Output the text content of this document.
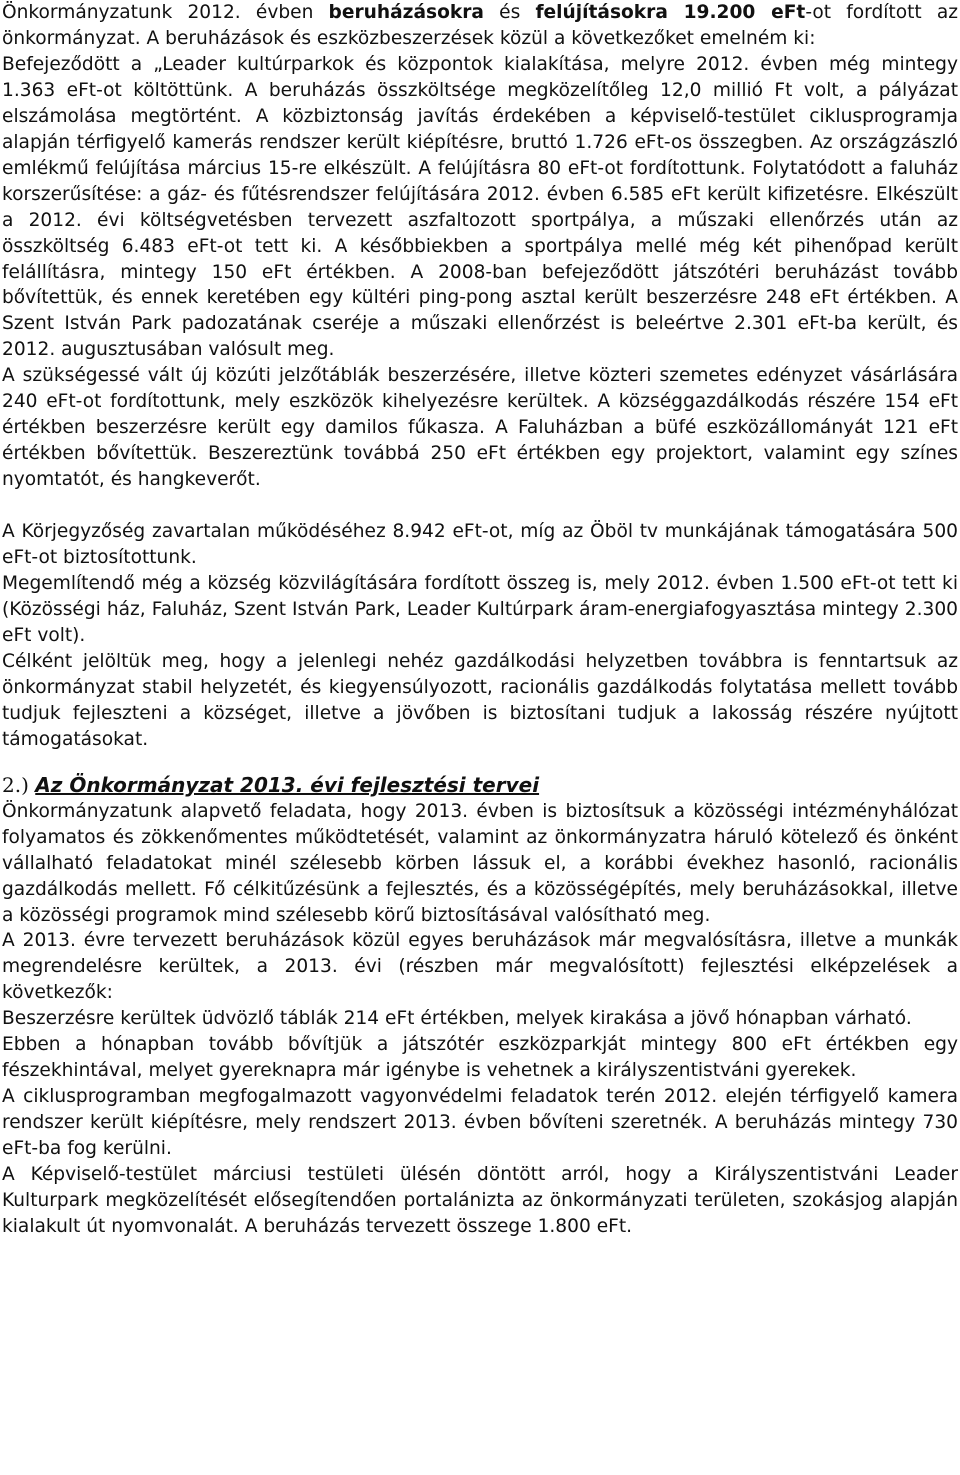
Önkormányzatunk 2012. évben beruházásokra és felújításokra 19.200 eFt-ot fordított az önkormányzat. A beruházások és eszközbeszerzések közül a következőket emelném ki:

Befejeződött a „Leader kultúrparkok és központok kialakítása, melyre 2012. évben még mintegy 1.363 eFt-ot költöttünk. A beruházás összköltsége megközelítőleg 12,0 millió Ft volt, a pályázat elszámolása megtörtént. A közbiztonság javítás érdekében a képviselő-testület ciklusprogramja alapján térfigyelő kamerás rendszer került kiépítésre, bruttó 1.726 eFt-os összegben. Az országzászló emlékmű felújítása március 15-re elkészült. A felújításra 80 eFt-ot fordítottunk. Folytatódott a faluház korszerűsítése: a gáz- és fűtésrendszer felújítására 2012. évben 6.585 eFt került kifizetésre. Elkészült a 2012. évi költségvetésben tervezett aszfaltozott sportpálya, a műszaki ellenőrzés után az összköltség 6.483 eFt-ot tett ki. A későbbiekben a sportpálya mellé még két pihenőpad került felállításra, mintegy 150 eFt értékben. A 2008-ban befejeződött játszótéri beruházást tovább bővítettük, és ennek keretében egy kültéri ping-pong asztal került beszerzésre 248 eFt értékben. A Szent István Park padozatának cseréje a műszaki ellenőrzést is beleértve 2.301 eFt-ba került, és 2012. augusztusában valósult meg.

A szükségessé vált új közúti jelzőtáblák beszerzésére, illetve közteri szemetes edényzet vásárlására 240 eFt-ot fordítottunk, mely eszközök kihelyezésre kerültek. A községgazdálkodás részére 154 eFt értékben beszerzésre került egy damilos fűkasza. A Faluházban a büfé eszközállományát 121 eFt értékben bővítettük. Beszereztünk továbbá 250 eFt értékben egy projektort, valamint egy színes nyomtatót, és hangkeverőt.

A Körjegyzőség zavartalan működéséhez 8.942 eFt-ot, míg az Öböl tv munkájának támogatására 500 eFt-ot biztosítottunk.

Megemlítendő még a község közvilágítására fordított összeg is, mely 2012. évben 1.500 eFt-ot tett ki (Közösségi ház, Faluház, Szent István Park, Leader Kultúrpark áram-energiafogyasztása mintegy 2.300 eFt volt).

Célként jelöltük meg, hogy a jelenlegi nehéz gazdálkodási helyzetben továbbra is fenntartsuk az önkormányzat stabil helyzetét, és kiegyensúlyozott, racionális gazdálkodás folytatása mellett tovább tudjuk fejleszteni a községet, illetve a jövőben is biztosítani tudjuk a lakosság részére nyújtott támogatásokat.

2.) Az Önkormányzat 2013. évi fejlesztési tervei

Önkormányzatunk alapvető feladata, hogy 2013. évben is biztosítsuk a közösségi intézményhálózat folyamatos és zökkenőmentes működtetését, valamint az önkormányzatra háruló kötelező és önként vállalható feladatokat minél szélesebb körben lássuk el, a korábbi évekhez hasonló, racionális gazdálkodás mellett. Fő célkitűzésünk a fejlesztés, és a közösségépítés, mely beruházásokkal, illetve a közösségi programok mind szélesebb körű biztosításával valósítható meg.

A 2013. évre tervezett beruházások közül egyes beruházások már megvalósításra, illetve a munkák megrendelésre kerültek, a 2013. évi (részben már megvalósított) fejlesztési elképzelések a következők:

Beszerzésre kerültek üdvözlő táblák 214 eFt értékben, melyek kirakása a jövő hónapban várható.

Ebben a hónapban tovább bővítjük a játszótér eszközparkját mintegy 800 eFt értékben egy fészekhintával, melyet gyereknapra már igénybe is vehetnek a királyszentistváni gyerekek.

A ciklusprogramban megfogalmazott vagyonvédelmi feladatok terén 2012. elején térfigyelő kamera rendszer került kiépítésre, mely rendszert 2013. évben bővíteni szeretnék. A beruházás mintegy 730 eFt-ba fog kerülni.

A Képviselő-testület márciusi testületi ülésén döntött arról, hogy a Királyszentistváni Leader Kulturpark megközelítését elősegítendően portalánizta az önkormányzati területen, szokásjog alapján kialakult út nyomvonalát. A beruházás tervezett összege 1.800 eFt.
